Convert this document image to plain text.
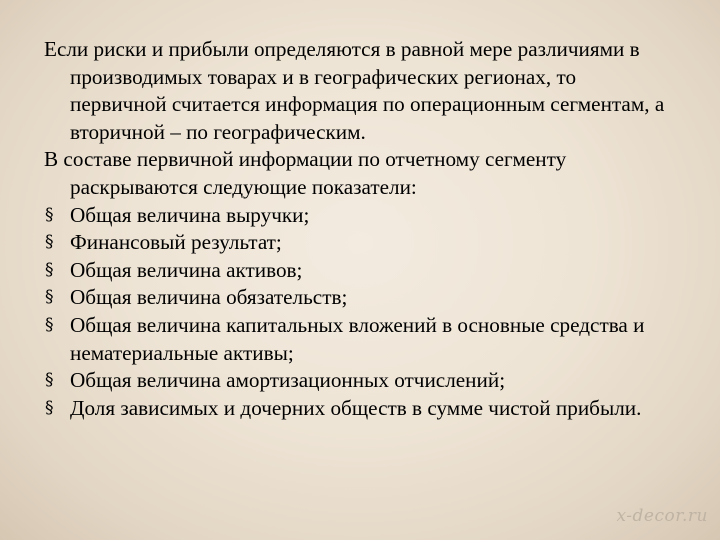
Если риски и прибыли определяются в равной мере различиями в производимых товарах и в географических регионах, то первичной считается информация по операционным сегментам, а вторичной – по географическим.

В составе первичной информации по отчетному сегменту раскрываются следующие показатели:

§ Общая величина выручки;
§ Финансовый результат;
§ Общая величина активов;
§ Общая величина обязательств;
§ Общая величина капитальных вложений в основные средства и нематериальные активы;
§ Общая величина амортизационных отчислений;
§ Доля зависимых и дочерних обществ в сумме чистой прибыли.
x-decor.ru
